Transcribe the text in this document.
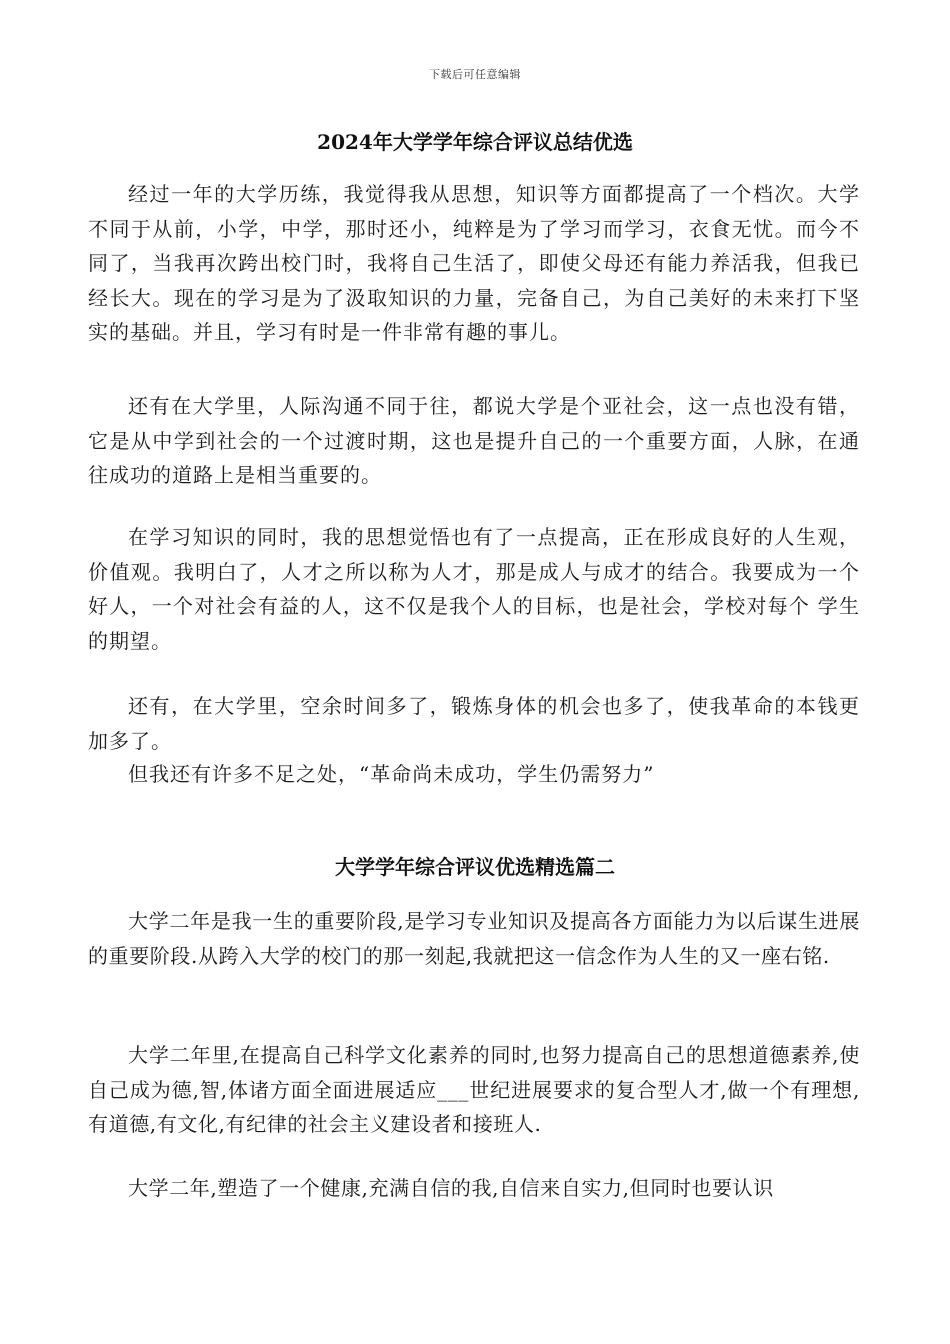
下载后可任意编辑
2024年大学学年综合评议总结优选

经过一年的大学历练，我觉得我从思想，知识等方面都提高了一个档次。大学不同于从前，小学，中学，那时还小，纯粹是为了学习而学习，衣食无忧。而今不同了，当我再次跨出校门时，我将自己生活了，即使父母还有能力养活我，但我已经长大。现在的学习是为了汲取知识的力量，完备自己，为自己美好的未来打下坚实的基础。并且，学习有时是一件非常有趣的事儿。

还有在大学里，人际沟通不同于往，都说大学是个亚社会，这一点也没有错，它是从中学到社会的一个过渡时期，这也是提升自己的一个重要方面，人脉，在通往成功的道路上是相当重要的。

在学习知识的同时，我的思想觉悟也有了一点提高，正在形成良好的人生观，价值观。我明白了，人才之所以称为人才，那是成人与成才的结合。我要成为一个好人，一个对社会有益的人，这不仅是我个人的目标，也是社会，学校对每个 学生的期望。

还有，在大学里，空余时间多了，锻炼身体的机会也多了，使我革命的本钱更加多了。

但我还有许多不足之处，“革命尚未成功，学生仍需努力”

大学学年综合评议优选精选篇二

大学二年是我一生的重要阶段,是学习专业知识及提高各方面能力为以后谋生进展的重要阶段.从跨入大学的校门的那一刻起,我就把这一信念作为人生的又一座右铭.

大学二年里,在提高自己科学文化素养的同时,也努力提高自己的思想道德素养,使自己成为德,智,体诸方面全面进展适应___世纪进展要求的复合型人才,做一个有理想,有道德,有文化,有纪律的社会主义建设者和接班人.

大学二年,塑造了一个健康,充满自信的我,自信来自实力,但同时也要认识
